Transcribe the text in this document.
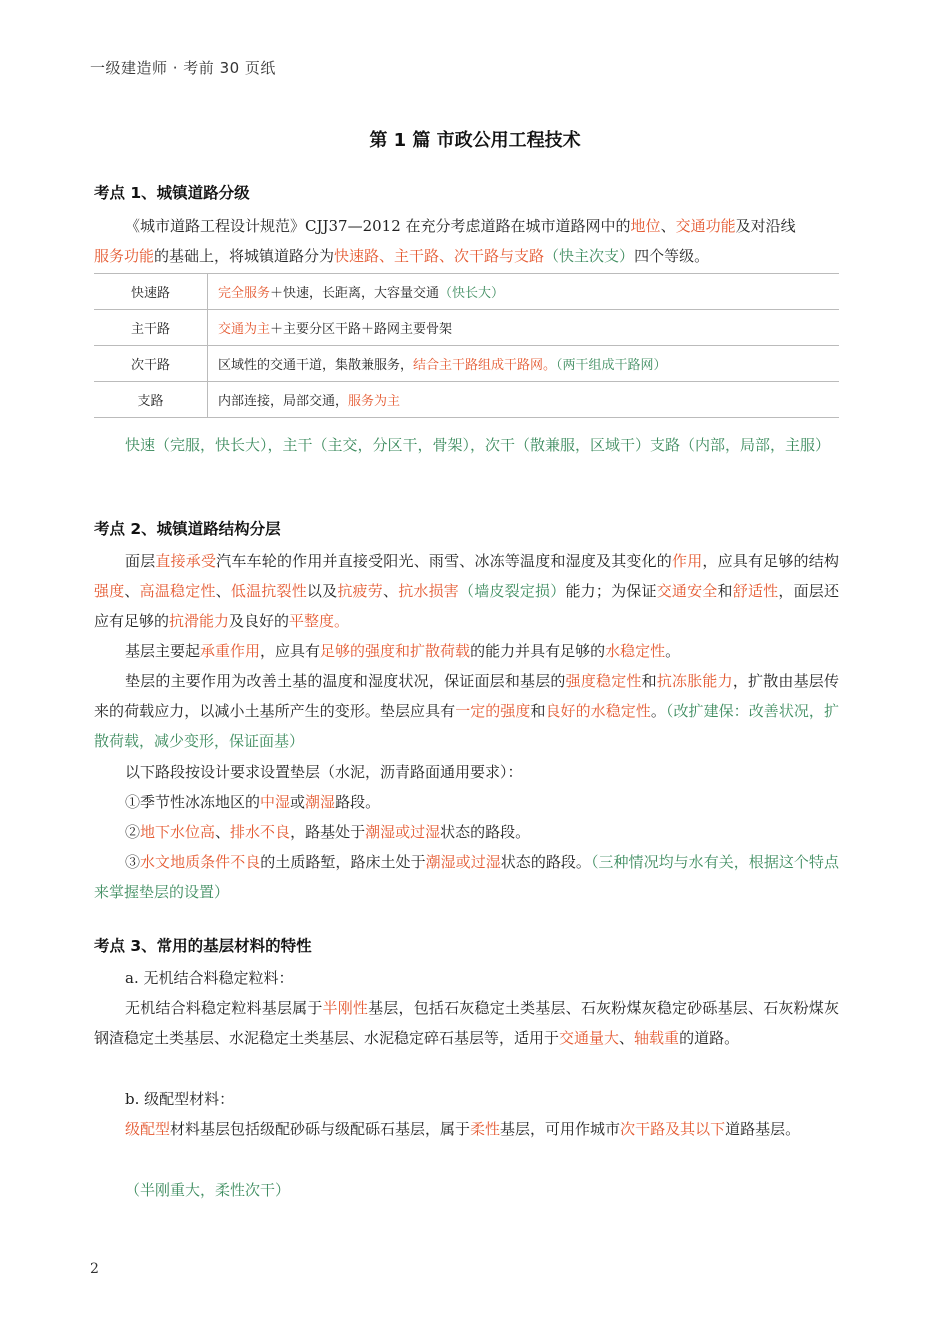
一级建造师 · 考前 30 页纸
第 1 篇 市政公用工程技术
考点 1、城镇道路分级
《城市道路工程设计规范》CJJ37—2012 在充分考虑道路在城市道路网中的地位、交通功能及对沿线
服务功能的基础上，将城镇道路分为快速路、主干路、次干路与支路（快主次支）四个等级。
快速路	完全服务＋快速，长距离，大容量交通（快长大）
主干路	交通为主＋主要分区干路＋路网主要骨架
次干路	区域性的交通干道，集散兼服务，结合主干路组成干路网。（两干组成干路网）
支路	内部连接，局部交通，服务为主
快速（完服，快长大），主干（主交，分区干，骨架），次干（散兼服，区域干）支路（内部，局部，主服）
考点 2、城镇道路结构分层
面层直接承受汽车车轮的作用并直接受阳光、雨雪、冰冻等温度和湿度及其变化的作用，应具有足够的结构强度、高温稳定性、低温抗裂性以及抗疲劳、抗水损害（墙皮裂定损）能力；为保证交通安全和舒适性，面层还应有足够的抗滑能力及良好的平整度。
基层主要起承重作用，应具有足够的强度和扩散荷载的能力并具有足够的水稳定性。
垫层的主要作用为改善土基的温度和湿度状况，保证面层和基层的强度稳定性和抗冻胀能力，扩散由基层传来的荷载应力，以减小土基所产生的变形。垫层应具有一定的强度和良好的水稳定性。（改扩建保：改善状况，扩散荷载，减少变形，保证面基）
以下路段按设计要求设置垫层（水泥，沥青路面通用要求）：
①季节性冰冻地区的中湿或潮湿路段。
②地下水位高、排水不良，路基处于潮湿或过湿状态的路段。
③水文地质条件不良的土质路堑，路床土处于潮湿或过湿状态的路段。（三种情况均与水有关，根据这个特点来掌握垫层的设置）
考点 3、常用的基层材料的特性
a. 无机结合料稳定粒料：
无机结合料稳定粒料基层属于半刚性基层，包括石灰稳定土类基层、石灰粉煤灰稳定砂砾基层、石灰粉煤灰钢渣稳定土类基层、水泥稳定土类基层、水泥稳定碎石基层等，适用于交通量大、轴载重的道路。
b. 级配型材料：
级配型材料基层包括级配砂砾与级配砾石基层，属于柔性基层，可用作城市次干路及其以下道路基层。
（半刚重大，柔性次干）
2
